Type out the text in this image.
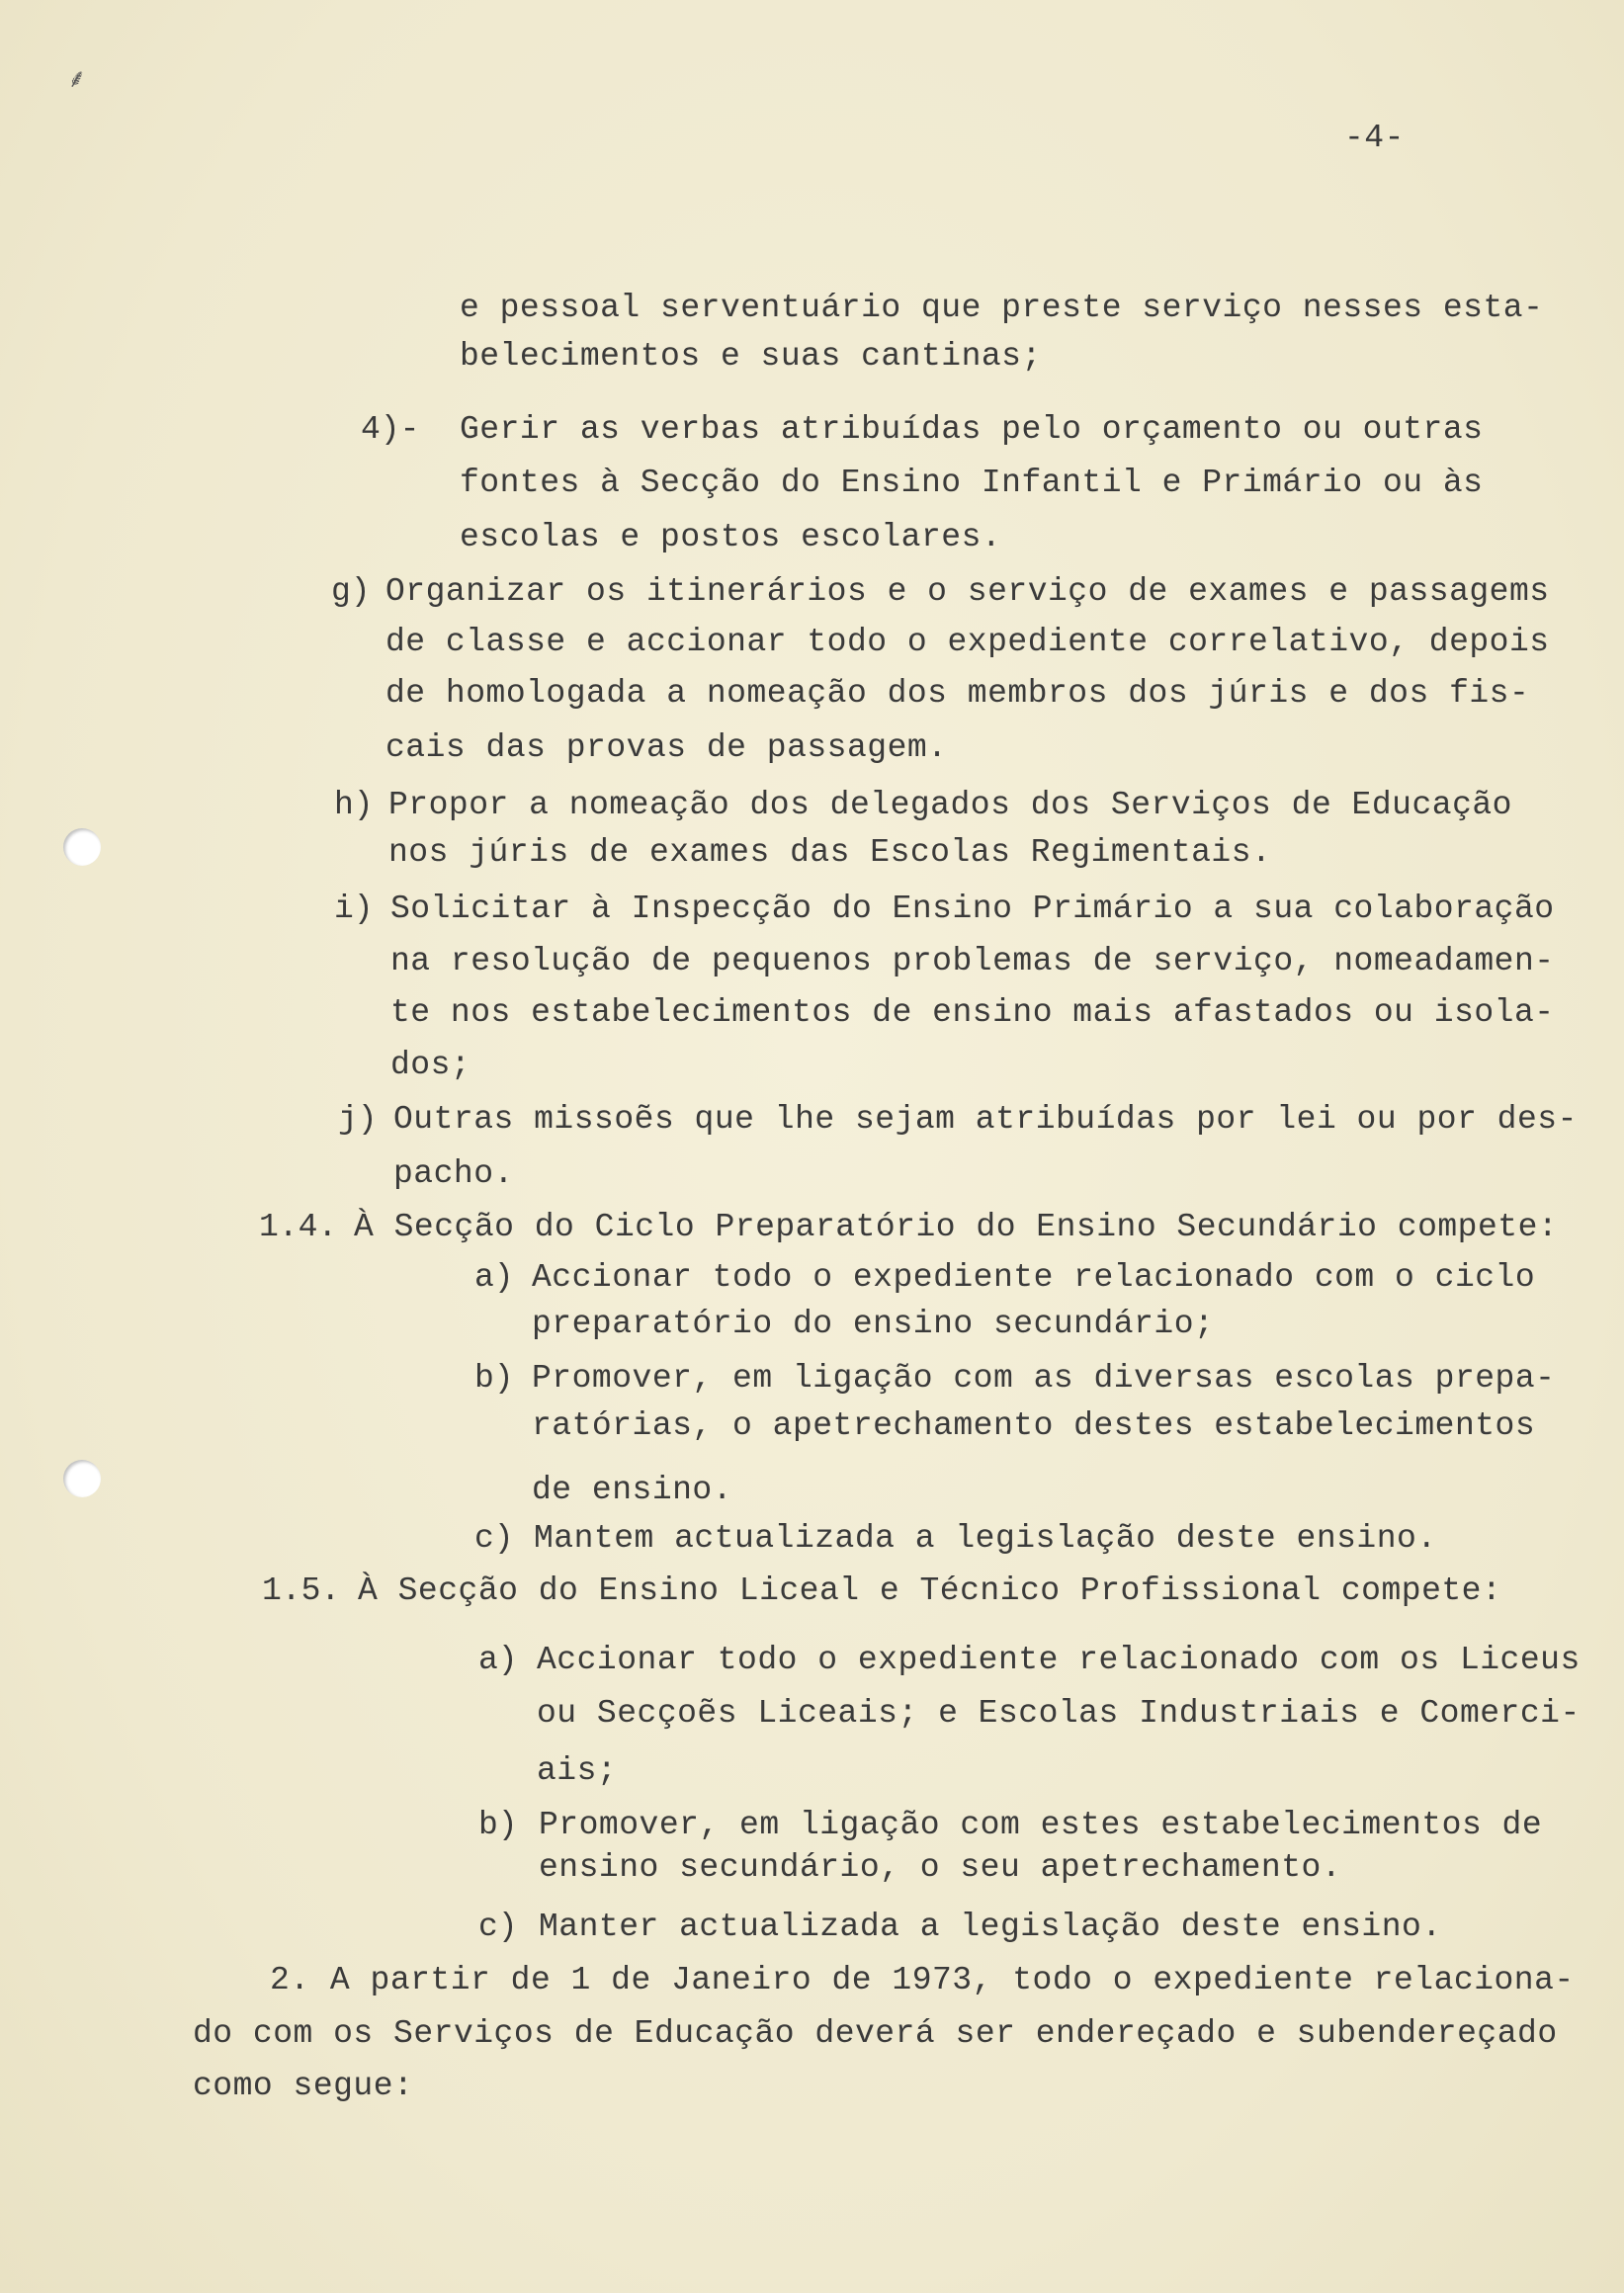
⸙
-4-
e pessoal serventuário que preste serviço nesses esta-
belecimentos e suas cantinas;
4)- Gerir as verbas atribuídas pelo orçamento ou outras
fontes à Secção do Ensino Infantil e Primário ou às
escolas e postos escolares.
g) Organizar os itinerários e o serviço de exames e passagems
de classe e accionar todo o expediente correlativo, depois
de homologada a nomeação dos membros dos júris e dos fis-
cais das provas de passagem.
h) Propor a nomeação dos delegados dos Serviços de Educação
nos júris de exames das Escolas Regimentais.
i) Solicitar à Inspecção do Ensino Primário a sua colaboração
na resolução de pequenos problemas de serviço, nomeadamen-
te nos estabelecimentos de ensino mais afastados ou isola-
dos;
j) Outras missoẽs que lhe sejam atribuídas por lei ou por des-
pacho.
1.4. À Secção do Ciclo Preparatório do Ensino Secundário compete:
a) Accionar todo o expediente relacionado com o ciclo
preparatório do ensino secundário;
b) Promover, em ligação com as diversas escolas prepa-
ratórias, o apetrechamento destes estabelecimentos
de ensino.
c) Mantem actualizada a legislação deste ensino.
1.5. À Secção do Ensino Liceal e Técnico Profissional compete:
a) Accionar todo o expediente relacionado com os Liceus
ou Secçoẽs Liceais; e Escolas Industriais e Comerci-
ais;
b) Promover, em ligação com estes estabelecimentos de
ensino secundário, o seu apetrechamento.
c) Manter actualizada a legislação deste ensino.
2. A partir de 1 de Janeiro de 1973, todo o expediente relaciona-
do com os Serviços de Educação deverá ser endereçado e subendereçado
como segue:
